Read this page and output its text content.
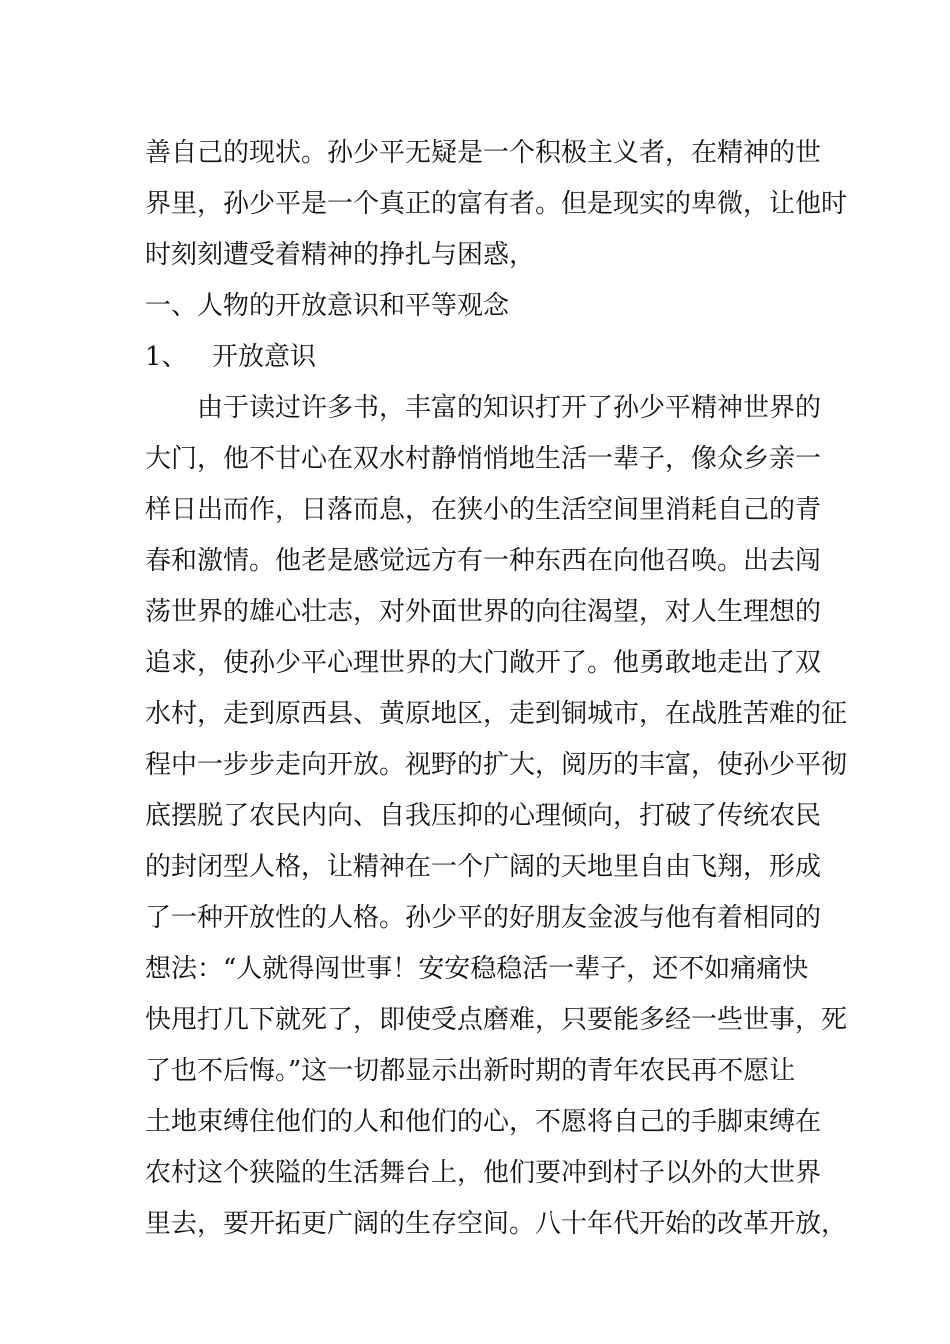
善自己的现状。孙少平无疑是一个积极主义者，在精神的世
界里，孙少平是一个真正的富有者。但是现实的卑微，让他时
时刻刻遭受着精神的挣扎与困惑，
一、人物的开放意识和平等观念
1、 开放意识
由于读过许多书，丰富的知识打开了孙少平精神世界的
大门，他不甘心在双水村静悄悄地生活一辈子，像众乡亲一
样日出而作，日落而息，在狭小的生活空间里消耗自己的青
春和激情。他老是感觉远方有一种东西在向他召唤。出去闯
荡世界的雄心壮志，对外面世界的向往渴望，对人生理想的
追求，使孙少平心理世界的大门敞开了。他勇敢地走出了双
水村，走到原西县、黄原地区，走到铜城市，在战胜苦难的征
程中一步步走向开放。视野的扩大，阅历的丰富，使孙少平彻
底摆脱了农民内向、自我压抑的心理倾向，打破了传统农民
的封闭型人格，让精神在一个广阔的天地里自由飞翔，形成
了一种开放性的人格。孙少平的好朋友金波与他有着相同的
想法：“人就得闯世事！安安稳稳活一辈子，还不如痛痛快
快甩打几下就死了，即使受点磨难，只要能多经一些世事，死
了也不后悔。”这一切都显示出新时期的青年农民再不愿让
土地束缚住他们的人和他们的心，不愿将自己的手脚束缚在
农村这个狭隘的生活舞台上，他们要冲到村子以外的大世界
里去，要开拓更广阔的生存空间。八十年代开始的改革开放，
